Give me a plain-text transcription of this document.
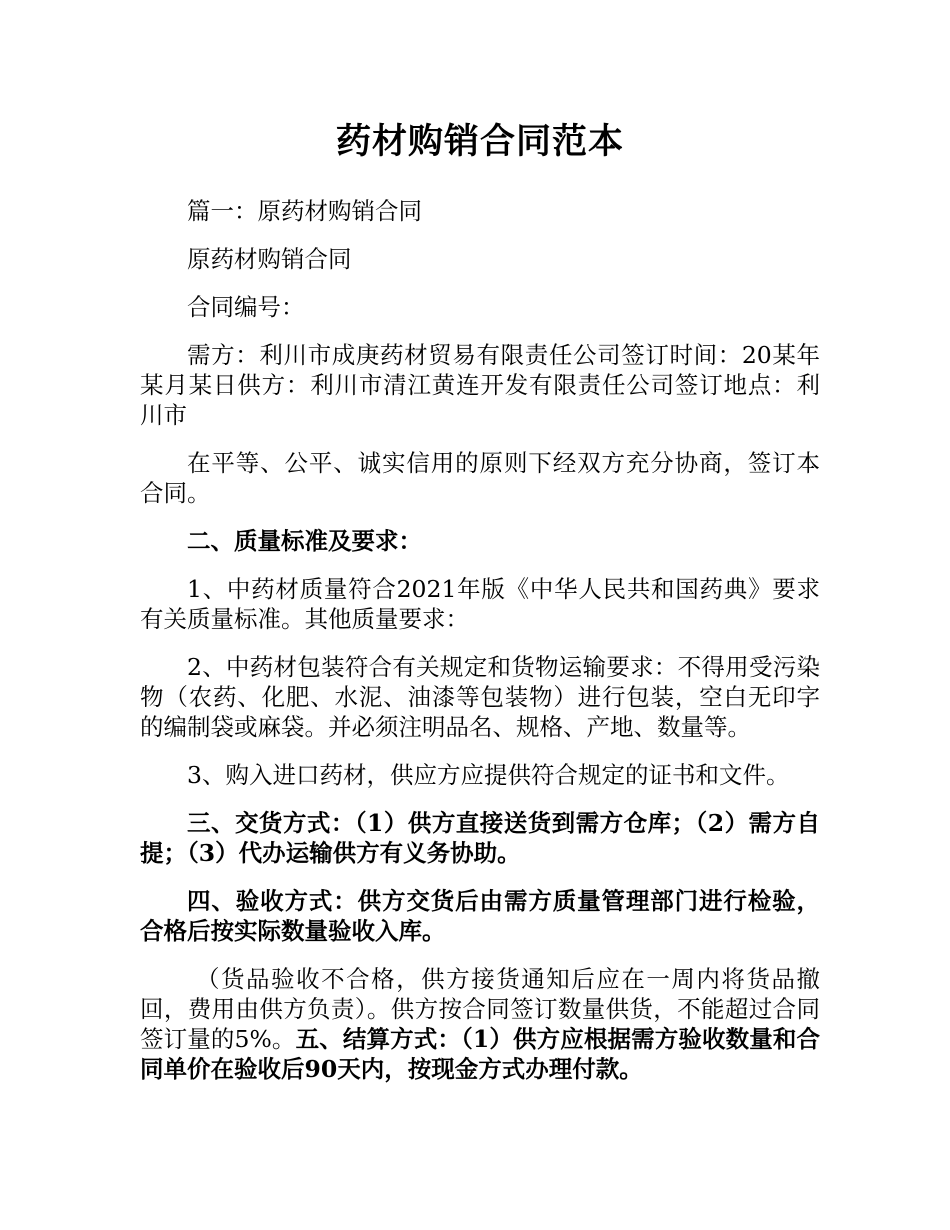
药材购销合同范本
篇一：原药材购销合同
原药材购销合同
合同编号：
需方：利川市成庚药材贸易有限责任公司签订时间：20某年某月某日供方：利川市清江黄连开发有限责任公司签订地点：利川市
在平等、公平、诚实信用的原则下经双方充分协商，签订本合同。
二、质量标准及要求：
1、中药材质量符合2021年版《中华人民共和国药典》要求有关质量标准。其他质量要求：
2、中药材包装符合有关规定和货物运输要求：不得用受污染物（农药、化肥、水泥、油漆等包装物）进行包装，空白无印字的编制袋或麻袋。并必须注明品名、规格、产地、数量等。
3、购入进口药材，供应方应提供符合规定的证书和文件。
三、交货方式：（1）供方直接送货到需方仓库；（2）需方自提；（3）代办运输供方有义务协助。
四、验收方式：供方交货后由需方质量管理部门进行检验，合格后按实际数量验收入库。
（货品验收不合格，供方接货通知后应在一周内将货品撤回，费用由供方负责）。供方按合同签订数量供货，不能超过合同签订量的5%。五、结算方式：（1）供方应根据需方验收数量和合同单价在验收后90天内，按现金方式办理付款。
